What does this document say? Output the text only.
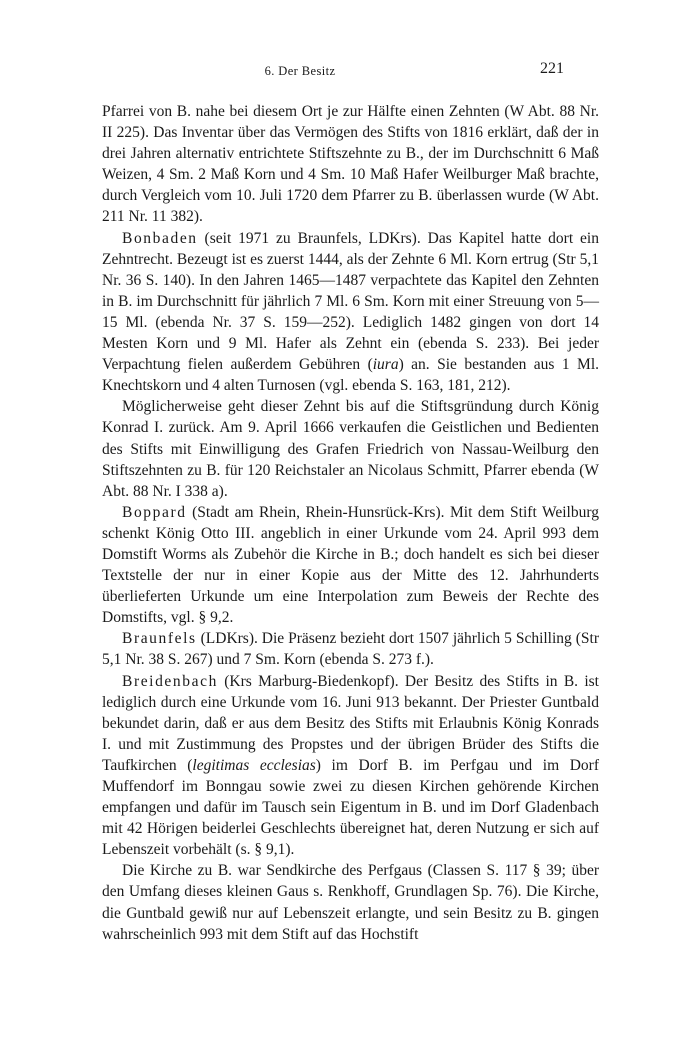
6. Der Besitz	221

Pfarrei von B. nahe bei diesem Ort je zur Hälfte einen Zehnten (W Abt. 88 Nr. II 225). Das Inventar über das Vermögen des Stifts von 1816 erklärt, daß der in drei Jahren alternativ entrichtete Stiftszehnte zu B., der im Durchschnitt 6 Maß Weizen, 4 Sm. 2 Maß Korn und 4 Sm. 10 Maß Hafer Weilburger Maß brachte, durch Vergleich vom 10. Juli 1720 dem Pfarrer zu B. überlassen wurde (W Abt. 211 Nr. 11 382).

Bonbaden (seit 1971 zu Braunfels, LDKrs). Das Kapitel hatte dort ein Zehntrecht. Bezeugt ist es zuerst 1444, als der Zehnte 6 Ml. Korn ertrug (Str 5,1 Nr. 36 S. 140). In den Jahren 1465—1487 verpachtete das Kapitel den Zehnten in B. im Durchschnitt für jährlich 7 Ml. 6 Sm. Korn mit einer Streuung von 5—15 Ml. (ebenda Nr. 37 S. 159—252). Lediglich 1482 gingen von dort 14 Mesten Korn und 9 Ml. Hafer als Zehnt ein (ebenda S. 233). Bei jeder Verpachtung fielen außerdem Gebühren (iura) an. Sie bestanden aus 1 Ml. Knechtskorn und 4 alten Turnosen (vgl. ebenda S. 163, 181, 212).

Möglicherweise geht dieser Zehnt bis auf die Stiftsgründung durch König Konrad I. zurück. Am 9. April 1666 verkaufen die Geistlichen und Bedienten des Stifts mit Einwilligung des Grafen Friedrich von Nassau-Weilburg den Stiftszehnten zu B. für 120 Reichstaler an Nicolaus Schmitt, Pfarrer ebenda (W Abt. 88 Nr. I 338 a).

Boppard (Stadt am Rhein, Rhein-Hunsrück-Krs). Mit dem Stift Weilburg schenkt König Otto III. angeblich in einer Urkunde vom 24. April 993 dem Domstift Worms als Zubehör die Kirche in B.; doch handelt es sich bei dieser Textstelle der nur in einer Kopie aus der Mitte des 12. Jahrhunderts überlieferten Urkunde um eine Interpolation zum Beweis der Rechte des Domstifts, vgl. § 9,2.

Braunfels (LDKrs). Die Präsenz bezieht dort 1507 jährlich 5 Schilling (Str 5,1 Nr. 38 S. 267) und 7 Sm. Korn (ebenda S. 273 f.).

Breidenbach (Krs Marburg-Biedenkopf). Der Besitz des Stifts in B. ist lediglich durch eine Urkunde vom 16. Juni 913 bekannt. Der Priester Guntbald bekundet darin, daß er aus dem Besitz des Stifts mit Erlaubnis König Konrads I. und mit Zustimmung des Propstes und der übrigen Brüder des Stifts die Taufkirchen (legitimas ecclesias) im Dorf B. im Perfgau und im Dorf Muffendorf im Bonngau sowie zwei zu diesen Kirchen gehörende Kirchen empfangen und dafür im Tausch sein Eigentum in B. und im Dorf Gladenbach mit 42 Hörigen beiderlei Geschlechts übereignet hat, deren Nutzung er sich auf Lebenszeit vorbehält (s. § 9,1).

Die Kirche zu B. war Sendkirche des Perfgaus (Classen S. 117 § 39; über den Umfang dieses kleinen Gaus s. Renkhoff, Grundlagen Sp. 76). Die Kirche, die Guntbald gewiß nur auf Lebenszeit erlangte, und sein Besitz zu B. gingen wahrscheinlich 993 mit dem Stift auf das Hochstift
